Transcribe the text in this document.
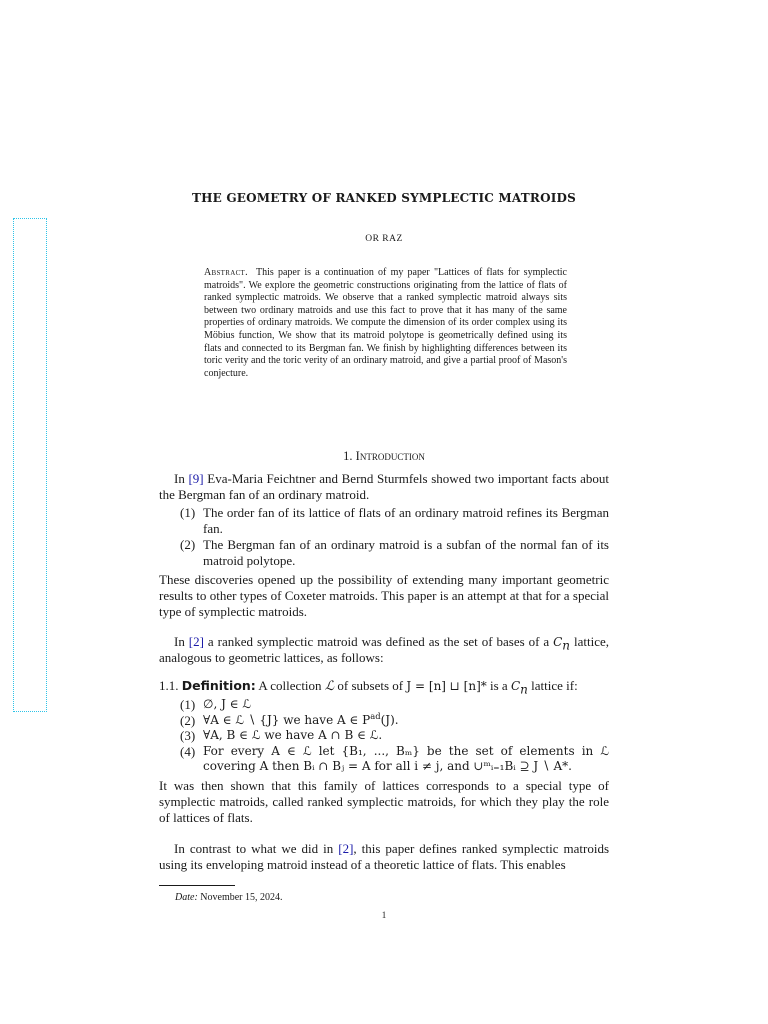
THE GEOMETRY OF RANKED SYMPLECTIC MATROIDS
OR RAZ
Abstract. This paper is a continuation of my paper "Lattices of flats for symplectic matroids". We explore the geometric constructions originating from the lattice of flats of ranked symplectic matroids. We observe that a ranked symplectic matroid always sits between two ordinary matroids and use this fact to prove that it has many of the same properties of ordinary matroids. We compute the dimension of its order complex using its Möbius function, We show that its matroid polytope is geometrically defined using its flats and connected to its Bergman fan. We finish by highlighting differences between its toric verity and the toric verity of an ordinary matroid, and give a partial proof of Mason's conjecture.
1. Introduction
In [9] Eva-Maria Feichtner and Bernd Sturmfels showed two important facts about the Bergman fan of an ordinary matroid.
(1) The order fan of its lattice of flats of an ordinary matroid refines its Bergman fan.
(2) The Bergman fan of an ordinary matroid is a subfan of the normal fan of its matroid polytope.
These discoveries opened up the possibility of extending many important geometric results to other types of Coxeter matroids. This paper is an attempt at that for a special type of symplectic matroids.
In [2] a ranked symplectic matroid was defined as the set of bases of a $C_n$ lattice, analogous to geometric lattices, as follows:
1.1. Definition: A collection ℒ of subsets of J = [n] ⊔ [n]* is a $C_n$ lattice if:
(1) ∅, J ∈ ℒ
(2) ∀A ∈ ℒ ∖ {J} we have A ∈ $P^{ad}(J)$.
(3) ∀A, B ∈ ℒ we have A ∩ B ∈ ℒ.
(4) For every A ∈ ℒ let {B₁, ..., Bₘ} be the set of elements in ℒ covering A then Bᵢ ∩ Bⱼ = A for all i ≠ j, and ∪ᵐᵢ₌₁Bᵢ ⊇ J ∖ A*.
It was then shown that this family of lattices corresponds to a special type of symplectic matroids, called ranked symplectic matroids, for which they play the role of lattices of flats.
In contrast to what we did in [2], this paper defines ranked symplectic matroids using its enveloping matroid instead of a theoretic lattice of flats. This enables
Date: November 15, 2024.
1
